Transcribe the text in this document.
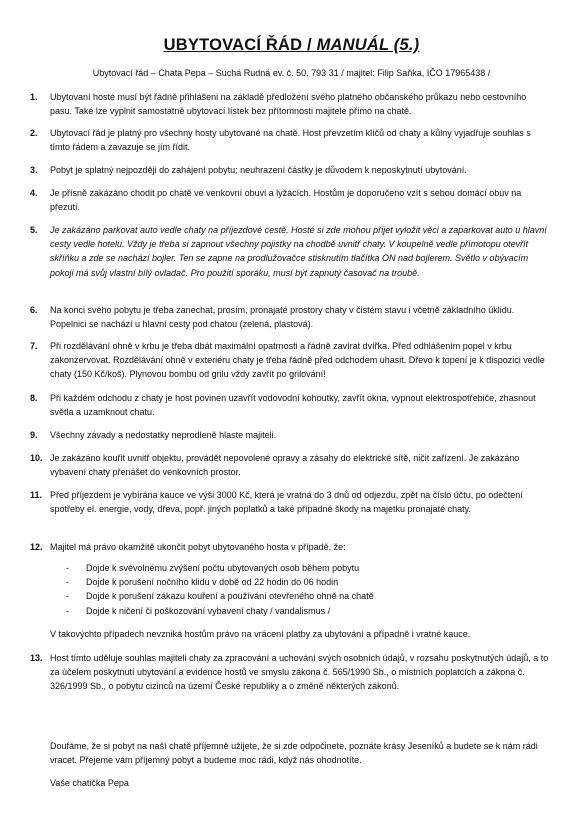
UBYTOVACÍ ŘÁD / MANUÁL (5.)
Ubytovací řád – Chata Pepa – Suchá Rudná ev. č. 50, 793 31 / majitel: Filip Saňka, IČO 17965438 /
1.	Ubytovaní hosté musí být řádně přihlášeni na základě předložení svého platného občanského průkazu nebo cestovního pasu. Také lze vyplnit samostatně ubytovací lístek bez přítomnosti majitele přímo na chatě.
2.	Ubytovací řád je platný pro všechny hosty ubytované na chatě. Host převzetím klíčů od chaty a kůlny vyjadřuje souhlas s tímto řádem a zavazuje se jím řídit.
3.	Pobyt je splatný nejpozději do zahájení pobytu; neuhrazení částky je důvodem k neposkytnutí ubytování.
4.	Je přísně zakázáno chodit po chatě ve venkovní obuvi a lyžácích. Hostům je doporučeno vzít s sebou domácí obuv na přezutí.
5.	Je zakázáno parkovat auto vedle chaty na příjezdové cestě. Hosté si zde mohou přijet vyložit věci a zaparkovat auto u hlavní cesty vedle hotelu. Vždy je třeba si zapnout všechny pojistky na chodbě uvnitř chaty. V koupelně vedle přímotopu otevřít skříňku a zde se nachází bojler. Ten se zapne na prodlužovačce stisknutím tlačítka ON nad bojlerem. Světlo v obývacím pokoji má svůj vlastní bílý ovladač. Pro použití sporáku, musí být zapnutý časovač na troubě.
6.	Na konci svého pobytu je třeba zanechat, prosím, pronajaté prostory chaty v čistém stavu i včetně základního úklidu. Popelnici se nachází u hlavní cesty pod chatou (zelená, plastová).
7.	Při rozdělávání ohně v krbu je třeba dbát maximální opatrnosti a řádně zavírat dvířka. Před odhlášením popel v krbu zakonzervovat. Rozdělávání ohně v exteriéru chaty je třeba řádně před odchodem uhasit. Dřevo k topení je k dispozici vedle chaty (150 Kč/koš). Plynovou bombu od grilu vždy zavřít po grilování!
8.	Při každém odchodu z chaty je host povinen uzavřít vodovodní kohoutky, zavřít okna, vypnout elektrospotřebiče, zhasnout světla a uzamknout chatu.
9.	Všechny závady a nedostatky neprodleně hlaste majiteli.
10. Je zakázáno kouřit uvnitř objektu, provádět nepovolené opravy a zásahy do elektrické sítě, ničit zařízení. Je zakázáno vybavení chaty přenášet do venkovních prostor.
11. Před příjezdem je vybírána kauce ve výši 3000 Kč, která je vratná do 3 dnů od odjezdu, zpět na číslo účtu, po odečtení spotřeby el. energie, vody, dřeva, popř. jiných poplatků a také případné škody na majetku pronajaté chaty.
12. Majitel má právo okamžitě ukončit pobyt ubytovaného hosta v případě, že:
- Dojde k svévolnému zvýšení počtu ubytovaných osob během pobytu
- Dojde k porušení nočního klidu v době od 22 hodin do 06 hodin
- Dojde k porušení zákazu kouření a používání otevřeného ohně na chatě
- Dojde k ničení či poškozování vybavení chaty / vandalismus /
V takovýchto případech nevzniká hostům právo na vrácení platby za ubytování a případně i vratné kauce.
13. Host tímto uděluje souhlas majiteli chaty za zpracování a uchování svých osobních údajů, v rozsahu poskytnutých údajů, a to za účelem poskytnutí ubytování a evidence hostů ve smyslu zákona č. 565/1990 Sb., o místních poplatcích a zákona č. 326/1999 Sb., o pobytu cizinců na území České republiky a o změně některých zákonů.
Doufáme, že si pobyt na naší chatě příjemně užijete, že si zde odpočinete, poznáte krásy Jeseníků a budete se k nám rádi vracet. Přejeme vám příjemný pobyt a budeme moc rádi, když nás ohodnotíte.
Vaše chatička Pepa
